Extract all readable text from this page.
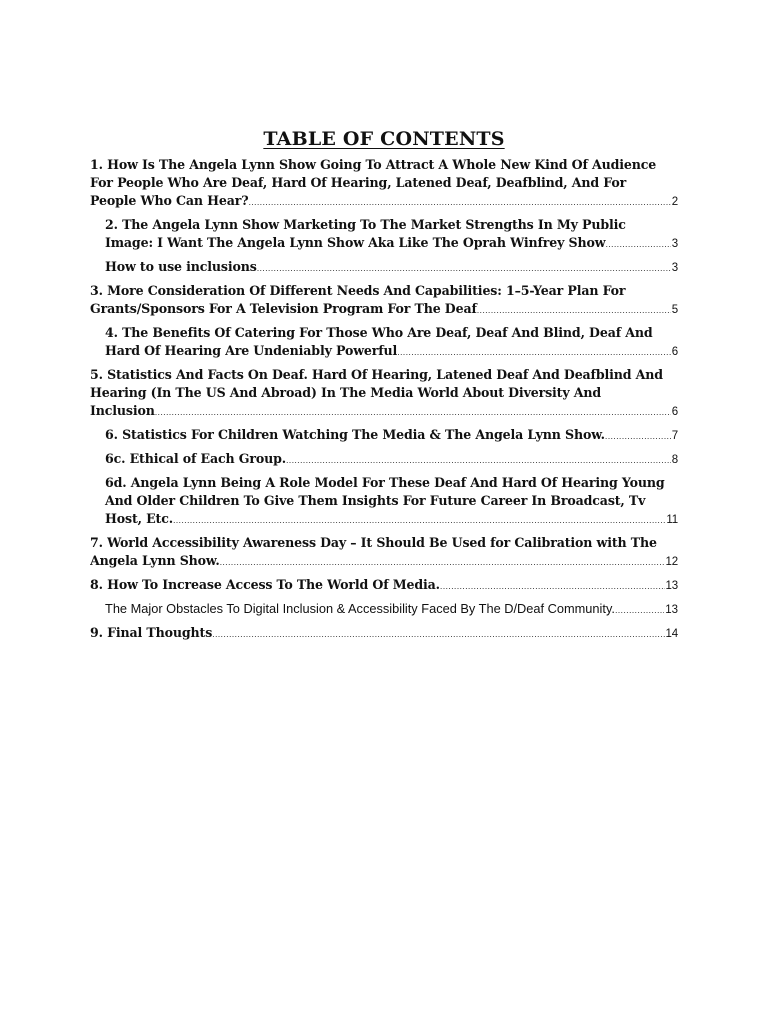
TABLE OF CONTENTS
1. How Is The Angela Lynn Show Going To Attract A Whole New Kind Of Audience
For People Who Are Deaf, Hard Of Hearing, Latened Deaf, Deafblind, And For
People Who Can Hear? .....	2
2. The Angela Lynn Show Marketing To The Market Strengths In My Public
Image: I Want The Angela Lynn Show Aka Like The Oprah Winfrey Show .....	3
How to use inclusions .....	3
3. More Consideration Of Different Needs And Capabilities: 1–5-Year Plan For
Grants/Sponsors For A Television Program For The Deaf .....	5
4. The Benefits Of Catering For Those Who Are Deaf, Deaf And Blind, Deaf And
Hard Of Hearing Are Undeniably Powerful .....	6
5. Statistics And Facts On Deaf. Hard Of Hearing, Latened Deaf And Deafblind And
Hearing (In The US And Abroad) In The Media World About Diversity And
Inclusion .....	6
6. Statistics For Children Watching The Media & The Angela Lynn Show. .....	7
6c. Ethical of Each Group. .....	8
6d. Angela Lynn Being A Role Model For These Deaf And Hard Of Hearing Young
And Older Children To Give Them Insights For Future Career In Broadcast, Tv
Host, Etc. .....	11
7. World Accessibility Awareness Day – It Should Be Used for Calibration with The
Angela Lynn Show. .....	12
8. How To Increase Access To The World Of Media. .....	13
The Major Obstacles To Digital Inclusion & Accessibility Faced By The D/Deaf Community. .....	13
9. Final Thoughts .....	14
